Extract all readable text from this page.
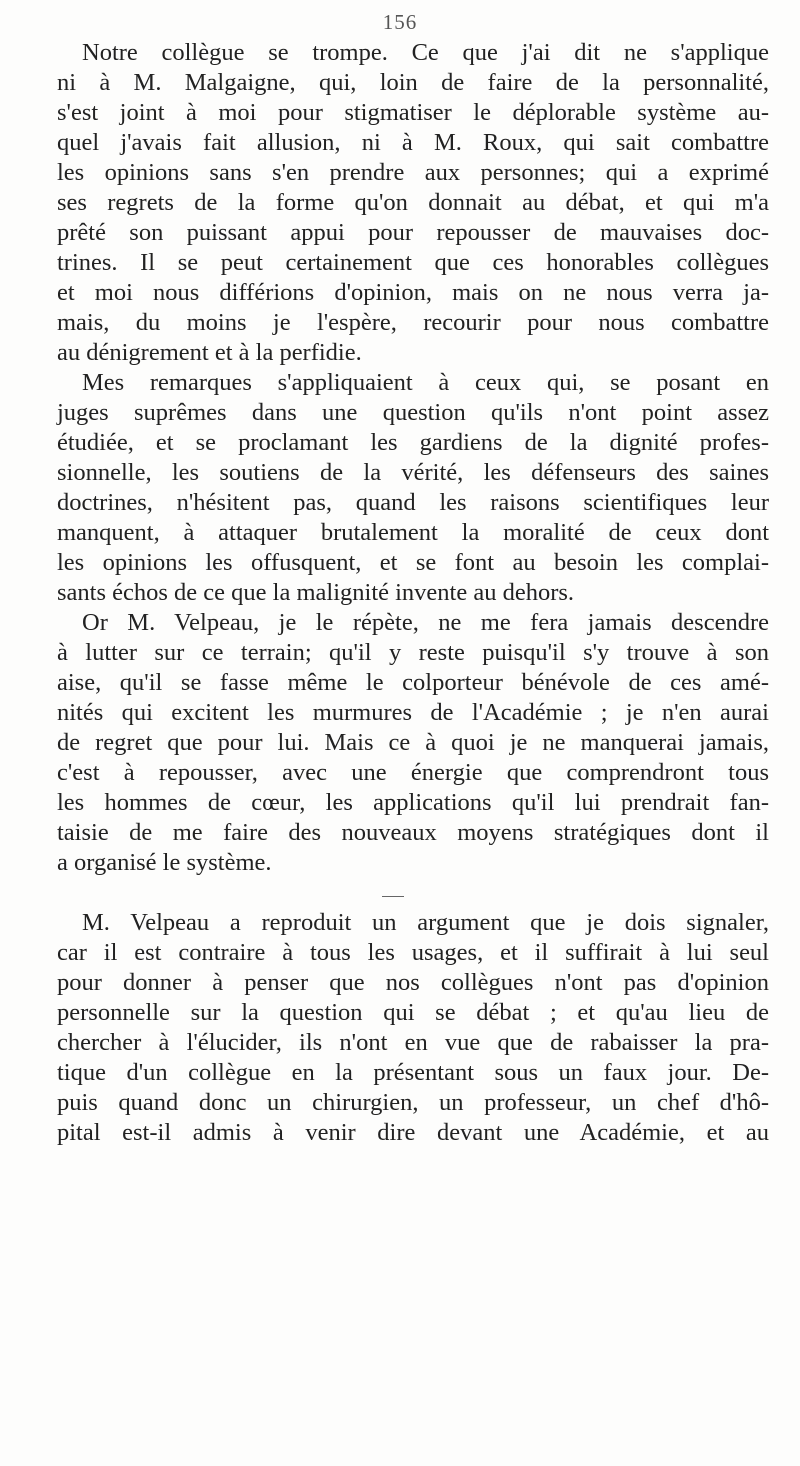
156
Notre collègue se trompe. Ce que j'ai dit ne s'applique
ni à M. Malgaigne, qui, loin de faire de la personnalité,
s'est joint à moi pour stigmatiser le déplorable système au-
quel j'avais fait allusion, ni à M. Roux, qui sait combattre
les opinions sans s'en prendre aux personnes; qui a exprimé
ses regrets de la forme qu'on donnait au débat, et qui m'a
prêté son puissant appui pour repousser de mauvaises doc-
trines. Il se peut certainement que ces honorables collègues
et moi nous différions d'opinion, mais on ne nous verra ja-
mais, du moins je l'espère, recourir pour nous combattre
au dénigrement et à la perfidie.
Mes remarques s'appliquaient à ceux qui, se posant en
juges suprêmes dans une question qu'ils n'ont point assez
étudiée, et se proclamant les gardiens de la dignité profes-
sionnelle, les soutiens de la vérité, les défenseurs des saines
doctrines, n'hésitent pas, quand les raisons scientifiques leur
manquent, à attaquer brutalement la moralité de ceux dont
les opinions les offusquent, et se font au besoin les complai-
sants échos de ce que la malignité invente au dehors.
Or M. Velpeau, je le répète, ne me fera jamais descendre
à lutter sur ce terrain; qu'il y reste puisqu'il s'y trouve à son
aise, qu'il se fasse même le colporteur bénévole de ces amé-
nités qui excitent les murmures de l'Académie ; je n'en aurai
de regret que pour lui. Mais ce à quoi je ne manquerai jamais,
c'est à repousser, avec une énergie que comprendront tous
les hommes de cœur, les applications qu'il lui prendrait fan-
taisie de me faire des nouveaux moyens stratégiques dont il
a organisé le système.
M. Velpeau a reproduit un argument que je dois signaler,
car il est contraire à tous les usages, et il suffirait à lui seul
pour donner à penser que nos collègues n'ont pas d'opinion
personnelle sur la question qui se débat ; et qu'au lieu de
chercher à l'élucider, ils n'ont en vue que de rabaisser la pra-
tique d'un collègue en la présentant sous un faux jour. De-
puis quand donc un chirurgien, un professeur, un chef d'hô-
pital est-il admis à venir dire devant une Académie, et au
